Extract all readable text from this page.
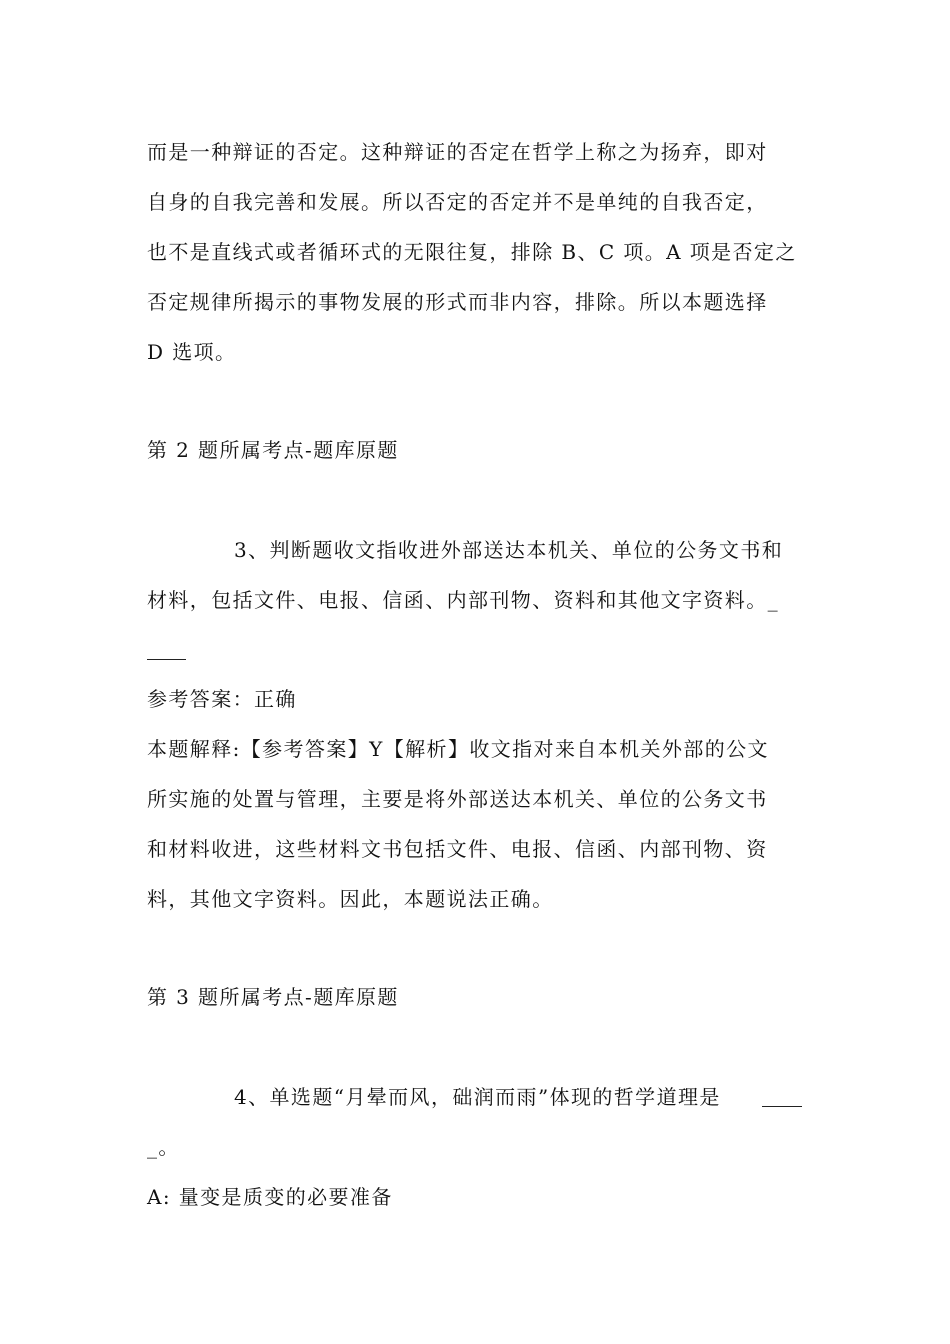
而是一种辩证的否定。这种辩证的否定在哲学上称之为扬弃，即对
自身的自我完善和发展。所以否定的否定并不是单纯的自我否定，
也不是直线式或者循环式的无限往复，排除 B、C 项。A 项是否定之
否定规律所揭示的事物发展的形式而非内容，排除。所以本题选择
D 选项。
第 2 题所属考点-题库原题
3、判断题收文指收进外部送达本机关、单位的公务文书和
材料，包括文件、电报、信函、内部刊物、资料和其他文字资料。_
参考答案：正确
本题解释:【参考答案】Y【解析】收文指对来自本机关外部的公文
所实施的处置与管理，主要是将外部送达本机关、单位的公务文书
和材料收进，这些材料文书包括文件、电报、信函、内部刊物、资
料，其他文字资料。因此，本题说法正确。
第 3 题所属考点-题库原题
4、单选题“月晕而风，础润而雨”体现的哲学道理是
_。
A: 量变是质变的必要准备
